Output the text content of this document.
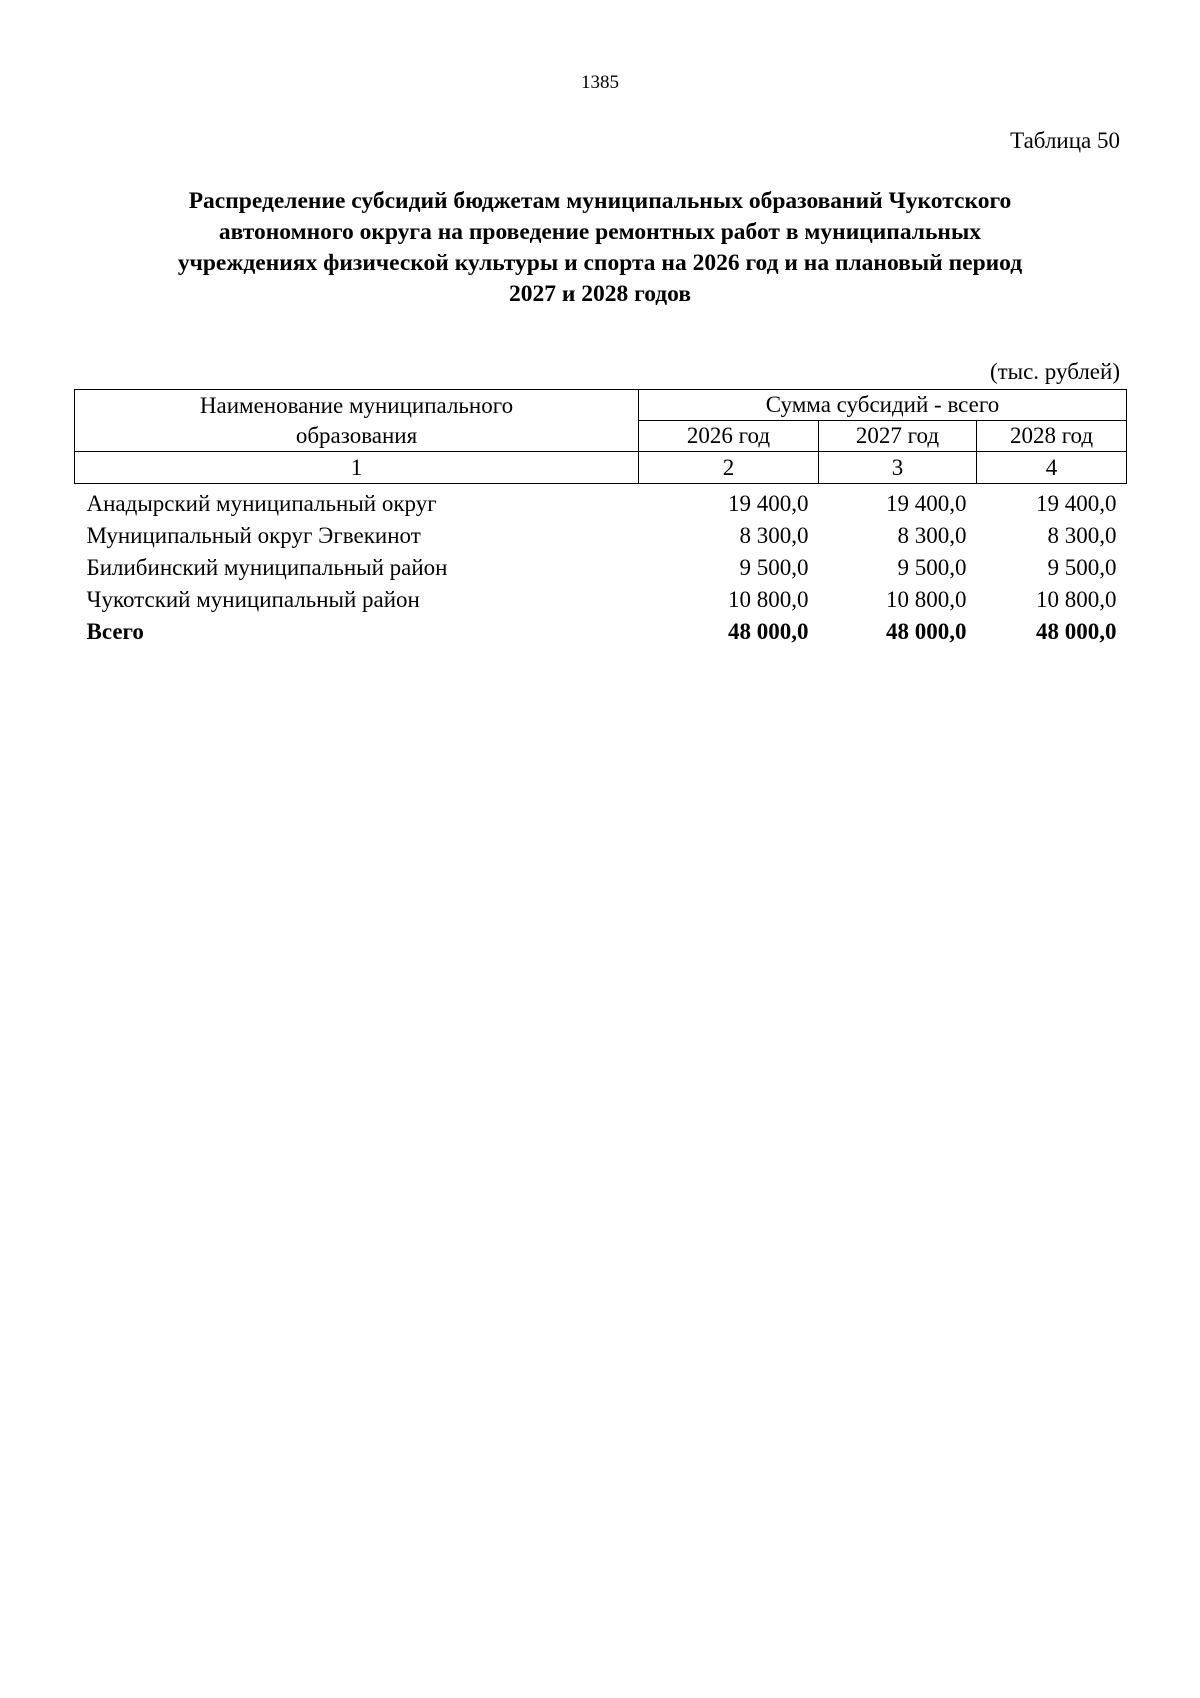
1385
Таблица 50
Распределение субсидий бюджетам муниципальных образований Чукотского
автономного округа на проведение ремонтных работ в муниципальных
учреждениях физической культуры и спорта на 2026 год и на плановый период
2027 и 2028 годов
(тыс. рублей)
Наименование муниципального
образования	Сумма субсидий - всего		
	2026 год	2027 год	2028 год
1	2	3	4
Анадырский муниципальный округ	19 400,0	19 400,0	19 400,0
Муниципальный округ Эгвекинот	8 300,0	8 300,0	8 300,0
Билибинский муниципальный район	9 500,0	9 500,0	9 500,0
Чукотский муниципальный район	10 800,0	10 800,0	10 800,0
Всего	48 000,0	48 000,0	48 000,0
